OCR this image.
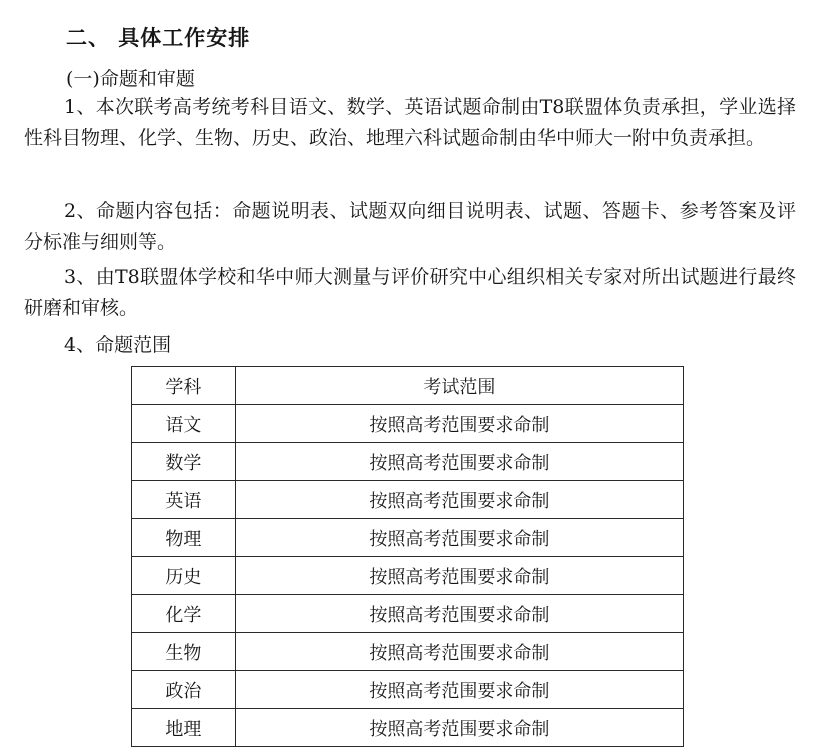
二、 具体工作安排
(一)命题和审题
1、本次联考高考统考科目语文、数学、英语试题命制由T8联盟体负责承担，学业选择性科目物理、化学、生物、历史、政治、地理六科试题命制由华中师大一附中负责承担。
2、命题内容包括：命题说明表、试题双向细目说明表、试题、答题卡、参考答案及评分标准与细则等。
3、由T8联盟体学校和华中师大测量与评价研究中心组织相关专家对所出试题进行最终研磨和审核。
4、命题范围
学科	考试范围
语文	按照高考范围要求命制
数学	按照高考范围要求命制
英语	按照高考范围要求命制
物理	按照高考范围要求命制
历史	按照高考范围要求命制
化学	按照高考范围要求命制
生物	按照高考范围要求命制
政治	按照高考范围要求命制
地理	按照高考范围要求命制
